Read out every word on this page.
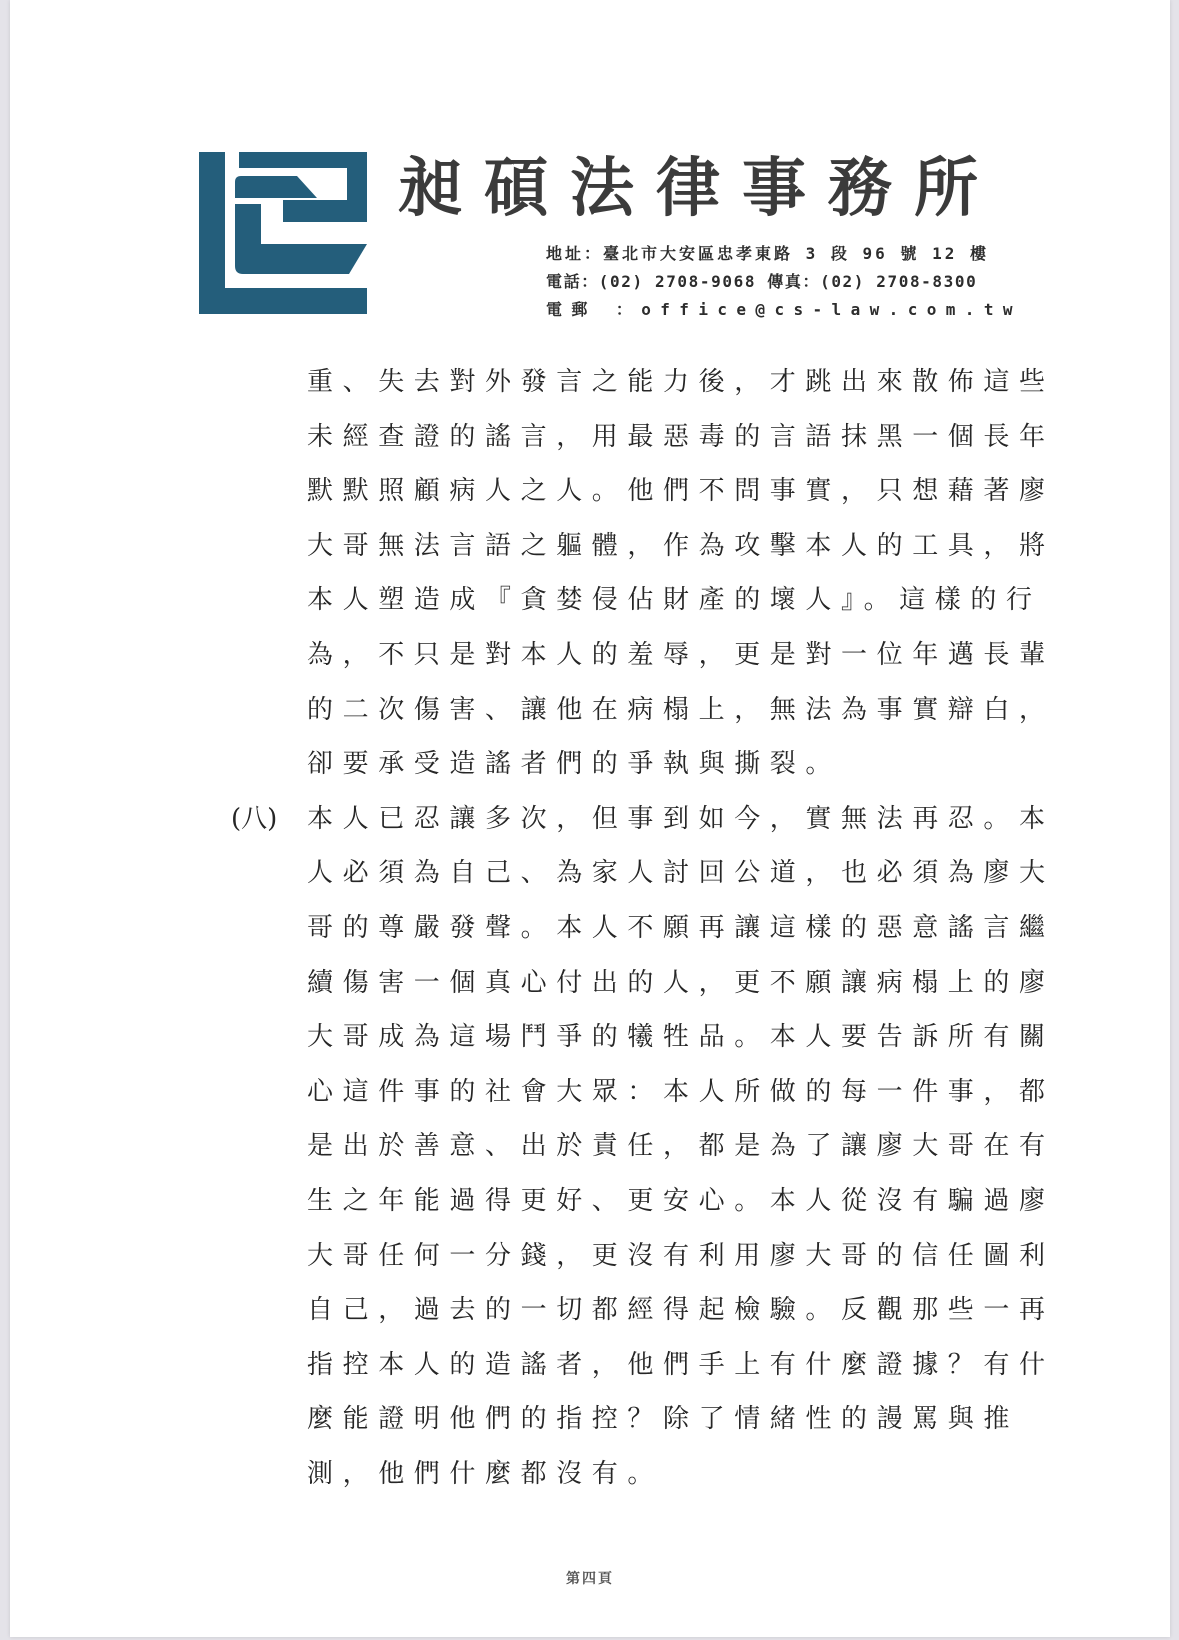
昶碩法律事務所
地址：臺北市大安區忠孝東路 3 段 96 號 12 樓
電話：(02) 2708-9068 傳真：(02) 2708-8300
電郵 ：office@cs-law.com.tw
重、失去對外發言之能力後，才跳出來散佈這些
未經查證的謠言，用最惡毒的言語抹黑一個長年
默默照顧病人之人。他們不問事實，只想藉著廖
大哥無法言語之軀體，作為攻擊本人的工具，將
本人塑造成『貪婪侵佔財產的壞人』。這樣的行
為，不只是對本人的羞辱，更是對一位年邁長輩
的二次傷害、讓他在病榻上，無法為事實辯白，
卻要承受造謠者們的爭執與撕裂。
(八) 本人已忍讓多次，但事到如今，實無法再忍。本
人必須為自己、為家人討回公道，也必須為廖大
哥的尊嚴發聲。本人不願再讓這樣的惡意謠言繼
續傷害一個真心付出的人，更不願讓病榻上的廖
大哥成為這場鬥爭的犧牲品。本人要告訴所有關
心這件事的社會大眾：本人所做的每一件事，都
是出於善意、出於責任，都是為了讓廖大哥在有
生之年能過得更好、更安心。本人從沒有騙過廖
大哥任何一分錢，更沒有利用廖大哥的信任圖利
自己，過去的一切都經得起檢驗。反觀那些一再
指控本人的造謠者，他們手上有什麼證據？有什
麼能證明他們的指控？除了情緒性的謾罵與推
測，他們什麼都沒有。
第四頁
